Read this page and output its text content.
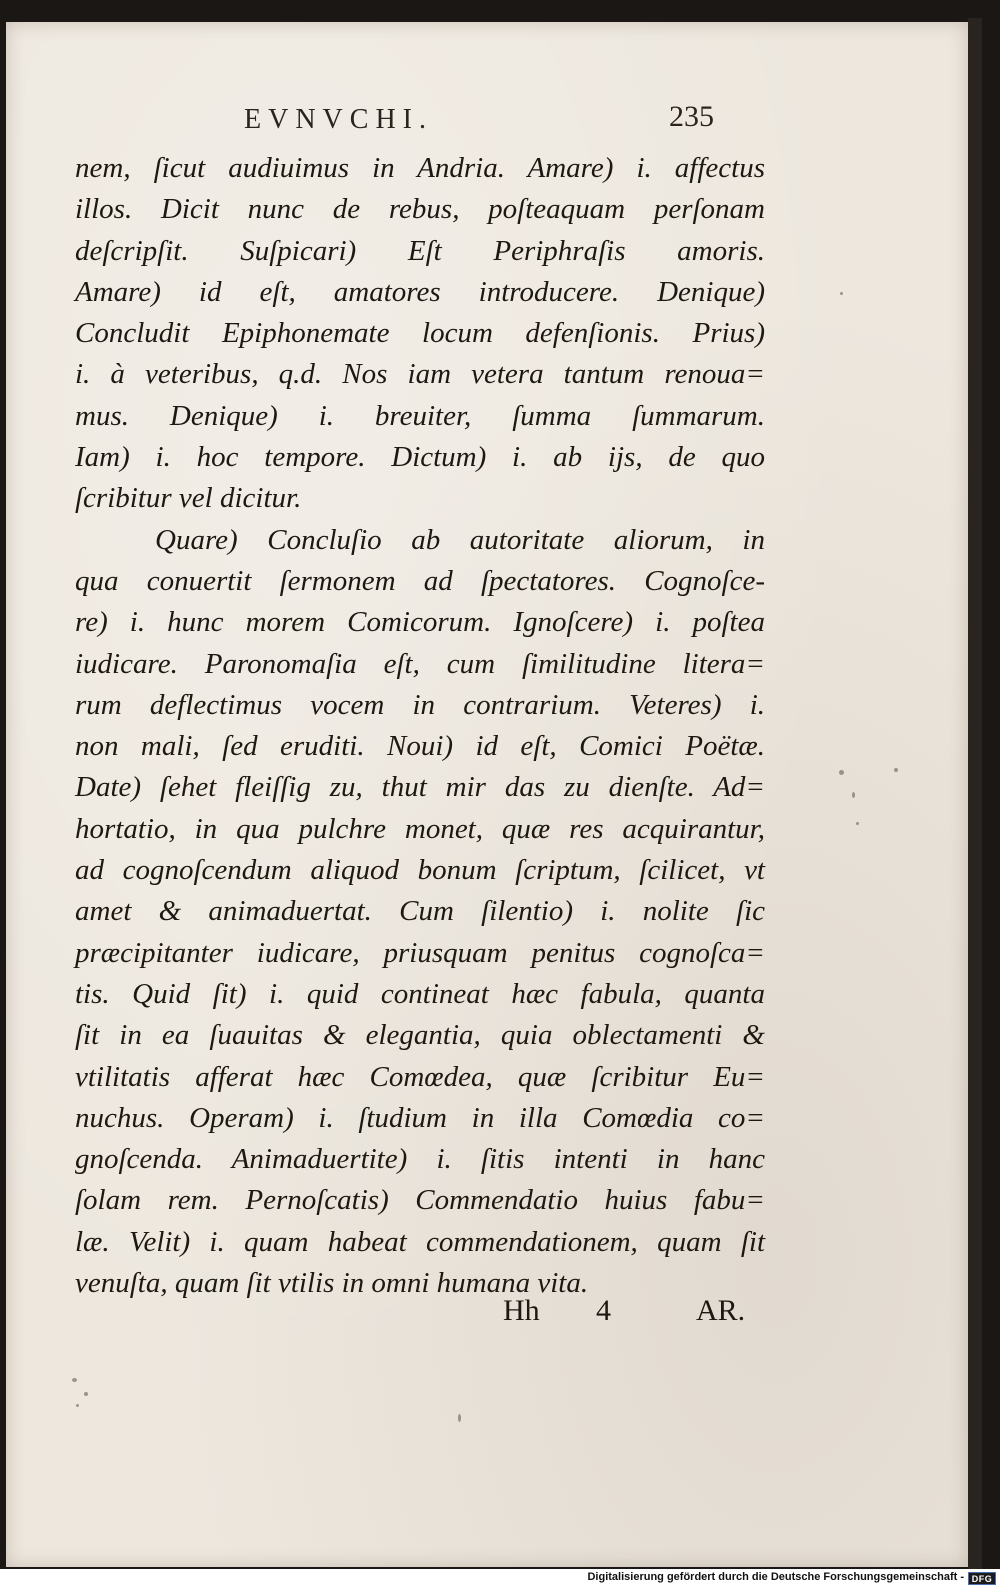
EVNVCHI.	235
nem, ſicut audiuimus in Andria. Amare) i. affectus
illos. Dicit nunc de rebus, poſteaquam perſonam
deſcripſit. Suſpicari) Eſt Periphraſis amoris.
Amare) id eſt, amatores introducere. Denique)
Concludit Epiphonemate locum defenſionis. Prius)
i. à veteribus, q.d. Nos iam vetera tantum renoua=
mus. Denique) i. breuiter, ſumma ſummarum.
Iam) i. hoc tempore. Dictum) i. ab ijs, de quo
ſcribitur vel dicitur.
Quare) Concluſio ab autoritate aliorum, in
qua conuertit ſermonem ad ſpectatores. Cognoſce-
re) i. hunc morem Comicorum. Ignoſcere) i. poſtea
iudicare. Paronomaſia eſt, cum ſimilitudine litera=
rum deflectimus vocem in contrarium. Veteres) i.
non mali, ſed eruditi. Noui) id eſt, Comici Poëtæ.
Date) ſehet fleiſſig zu, thut mir das zu dienſte. Ad=
hortatio, in qua pulchre monet, quæ res acquirantur,
ad cognoſcendum aliquod bonum ſcriptum, ſcilicet, vt
amet & animaduertat. Cum ſilentio) i. nolite ſic
præcipitanter iudicare, priusquam penitus cognoſca=
tis. Quid ſit) i. quid contineat hæc fabula, quanta
ſit in ea ſuauitas & elegantia, quia oblectamenti &
vtilitatis afferat hæc Comœdea, quæ ſcribitur Eu=
nuchus. Operam) i. ſtudium in illa Comœdia co=
gnoſcenda. Animaduertite) i. ſitis intenti in hanc
ſolam rem. Pernoſcatis) Commendatio huius fabu=
læ. Velit) i. quam habeat commendationem, quam ſit
venuſta, quam ſit vtilis in omni humana vita.
Hh 4	AR.
Digitalisierung gefördert durch die Deutsche Forschungsgemeinschaft - DFG
